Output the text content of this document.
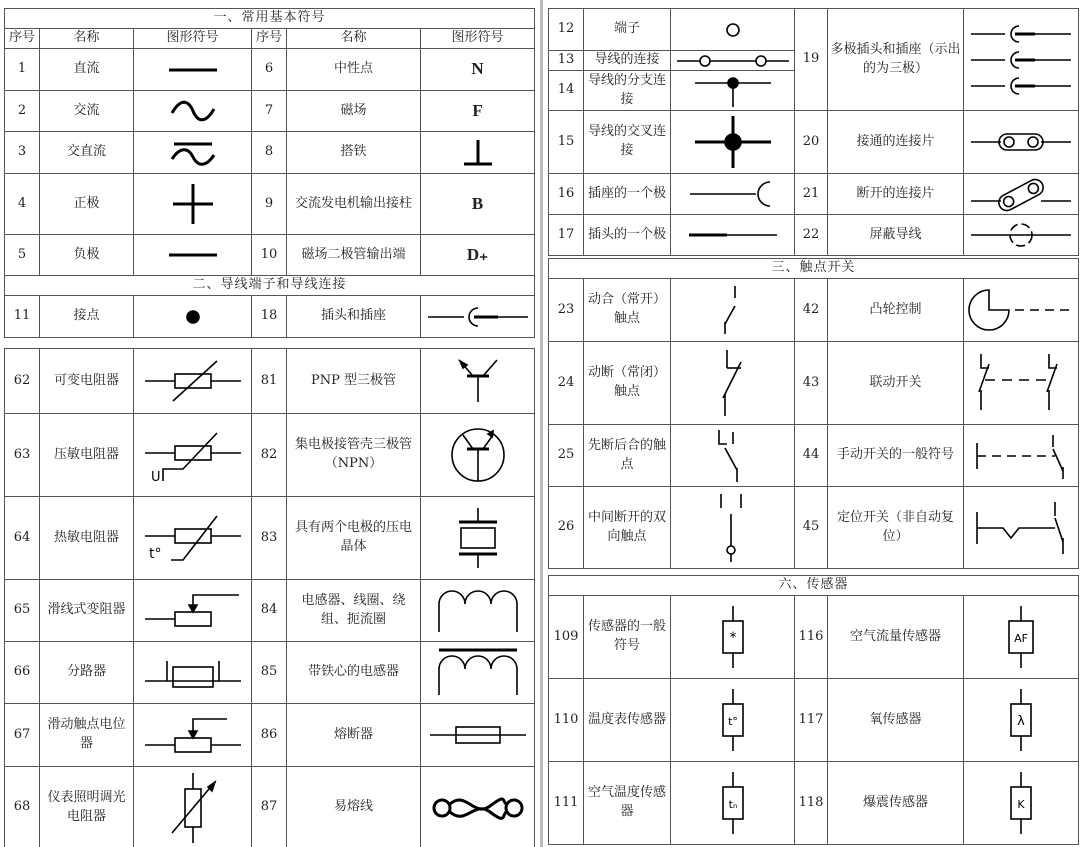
一、常用基本符号					
序号	名称	图形符号	序号	名称	图形符号
1	直流		6	中性点	N
2	交流		7	磁场	F
3	交直流		8	搭铁	

4	正极		9	交流发电机输出接柱	B
5	负极		10	磁场二极管输出端	D₊
二、导线端子和导线连接					
11	接点		18	插头和插座	
62	可变电阻器		81	PNP 型三极管	

63	压敏电阻器	U	82	集电极接管壳三极管（NPN）	

64	热敏电阻器	t°	83	具有两个电极的压电晶体	

65	滑线式变阻器		84	电感器、线圈、绕组、扼流圈	

66	分路器		85	带铁心的电感器	

67	滑动触点电位器		86	熔断器	

68	仪表照明调光电阻器		87	易熔线	
12	端子		19	多极插头和插座（示出的为三极）	

13	导线的连接	

14	导线的分支连接	

15	导线的交叉连接		20	接通的连接片	

16	插座的一个极		21	断开的连接片	

17	插头的一个极		22	屏蔽导线	
三、触点开关					
23	动合（常开）触点		42	凸轮控制	

24	动断（常闭）触点		43	联动开关	

25	先断后合的触点		44	手动开关的一般符号	

26	中间断开的双向触点		45	定位开关（非自动复位）	
六、传感器					
109	传感器的一般符号	*	116	空气流量传感器	AF

110	温度表传感器	t°	117	氧传感器	λ

111	空气温度传感器	tₙ	118	爆震传感器	K
